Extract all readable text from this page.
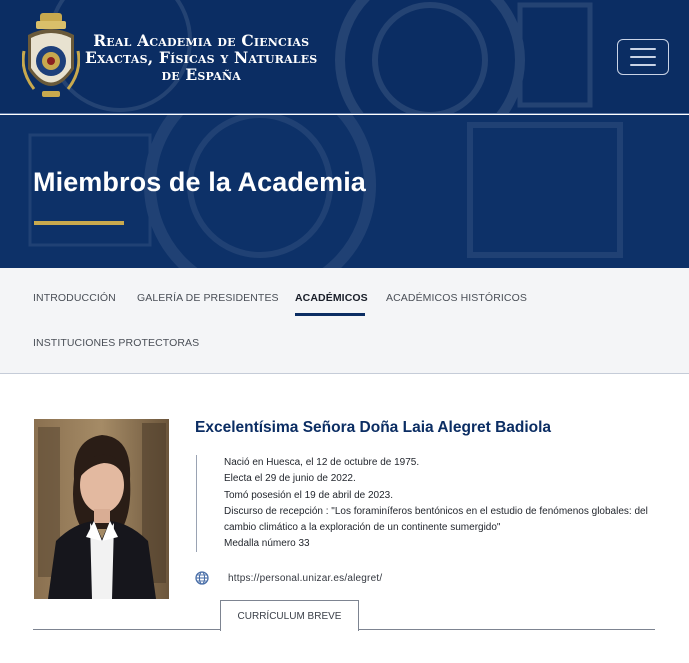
Real Academia de Ciencias
Exactas, Físicas y Naturales
de España
Miembros de la Academia
INTRODUCCIÓN GALERÍA DE PRESIDENTES ACADÉMICOS ACADÉMICOS HISTÓRICOS
INSTITUCIONES PROTECTORAS
Excelentísima Señora Doña Laia Alegret Badiola

Nació en Huesca, el 12 de octubre de 1975.

Electa el 29 de junio de 2022.

Tomó posesión el 19 de abril de 2023.

Discurso de recepción : "Los foraminíferos bentónicos en el estudio de fenómenos globales: del cambio climático a la exploración de un continente sumergido"

Medalla número 33

https://personal.unizar.es/alegret/
CURRÍCULUM BREVE
